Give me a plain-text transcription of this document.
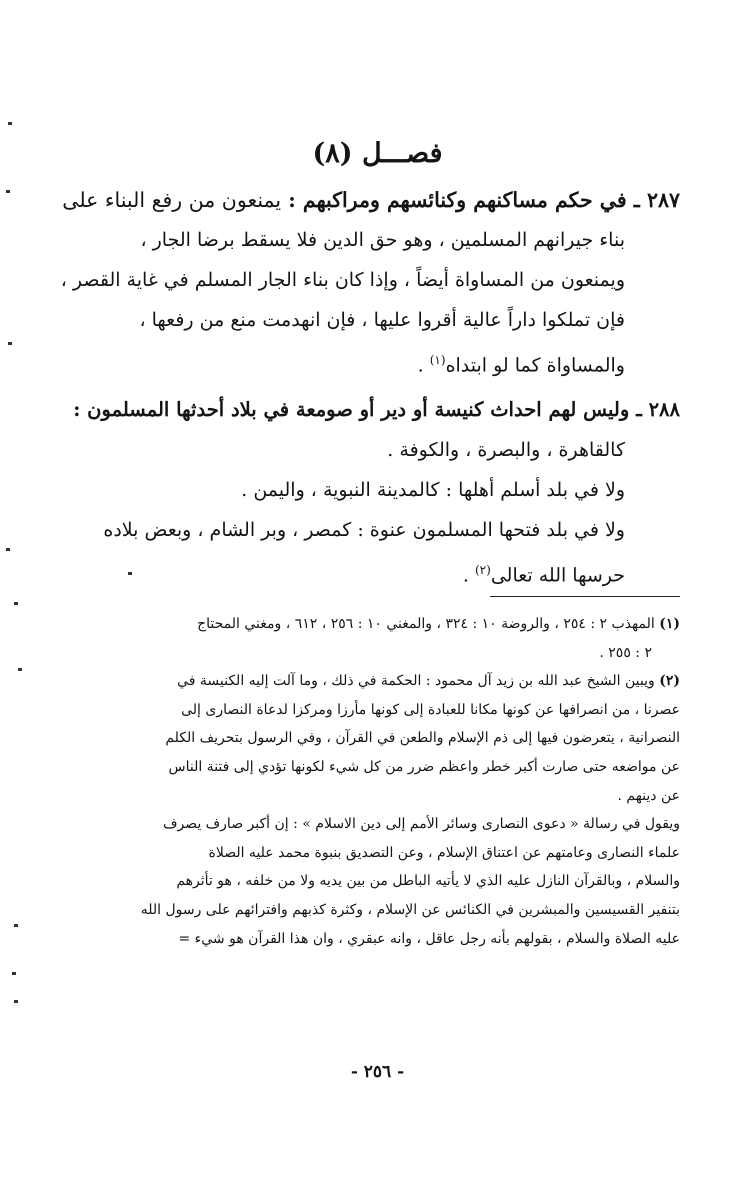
فصـــل (٨)

٢٨٧ ـ في حكم مساكنهم وكنائسهم ومراكبهم : يمنعون من رفع البناء على

بناء جيرانهم المسلمين ، وهو حق الدين فلا يسقط برضا الجار ،

ويمنعون من المساواة أيضاً ، وإذا كان بناء الجار المسلم في غاية القصر ،

فإن تملكوا داراً عالية أقروا عليها ، فإن انهدمت منع من رفعها ،

والمساواة كما لو ابتداه$^{(١)}$ .

٢٨٨ ـ وليس لهم احداث كنيسة أو دير أو صومعة في بلاد أحدثها المسلمون :

كالقاهرة ، والبصرة ، والكوفة .

ولا في بلد أسلم أهلها : كالمدينة النبوية ، واليمن .

ولا في بلد فتحها المسلمون عنوة : كمصر ، وبر الشام ، وبعض بلاده

حرسها الله تعالى$^{(٢)}$ .

(١) المهذب ٢ : ٢٥٤ ، والروضة ١٠ : ٣٢٤ ، والمغني ١٠ : ٢٥٦ ، ٦١٢ ، ومغني المحتاج

٢ : ٢٥٥ .

(٢) ويبين الشيخ عبد الله بن زيد آل محمود : الحكمة في ذلك ، وما آلت إليه الكنيسة في

عصرنا ، من انصرافها عن كونها مكانا للعبادة إلى كونها مأرزا ومركزا لدعاة النصارى إلى

النصرانية ، يتعرضون فيها إلى ذم الإسلام والطعن في القرآن ، وفي الرسول بتحريف الكلم

عن مواضعه حتى صارت أكبر خطر واعظم ضرر من كل شيء لكونها تؤدي إلى فتنة الناس

عن دينهم .

ويقول في رسالة « دعوى النصارى وسائر الأمم إلى دين الاسلام » : إن أكبر صارف يصرف

علماء النصارى وعامتهم عن اعتناق الإسلام ، وعن التصديق بنبوة محمد عليه الصلاة

والسلام ، وبالقرآن النازل عليه الذي لا يأتيه الباطل من بين يديه ولا من خلفه ، هو تأثرهم

بتنفير القسيسين والمبشرين في الكنائس عن الإسلام ، وكثرة كذبهم وافترائهم على رسول الله

عليه الصلاة والسلام ، بقولهم بأنه رجل عاقل ، وانه عبقري ، وان هذا القرآن هو شيء =

- ٢٥٦ -
